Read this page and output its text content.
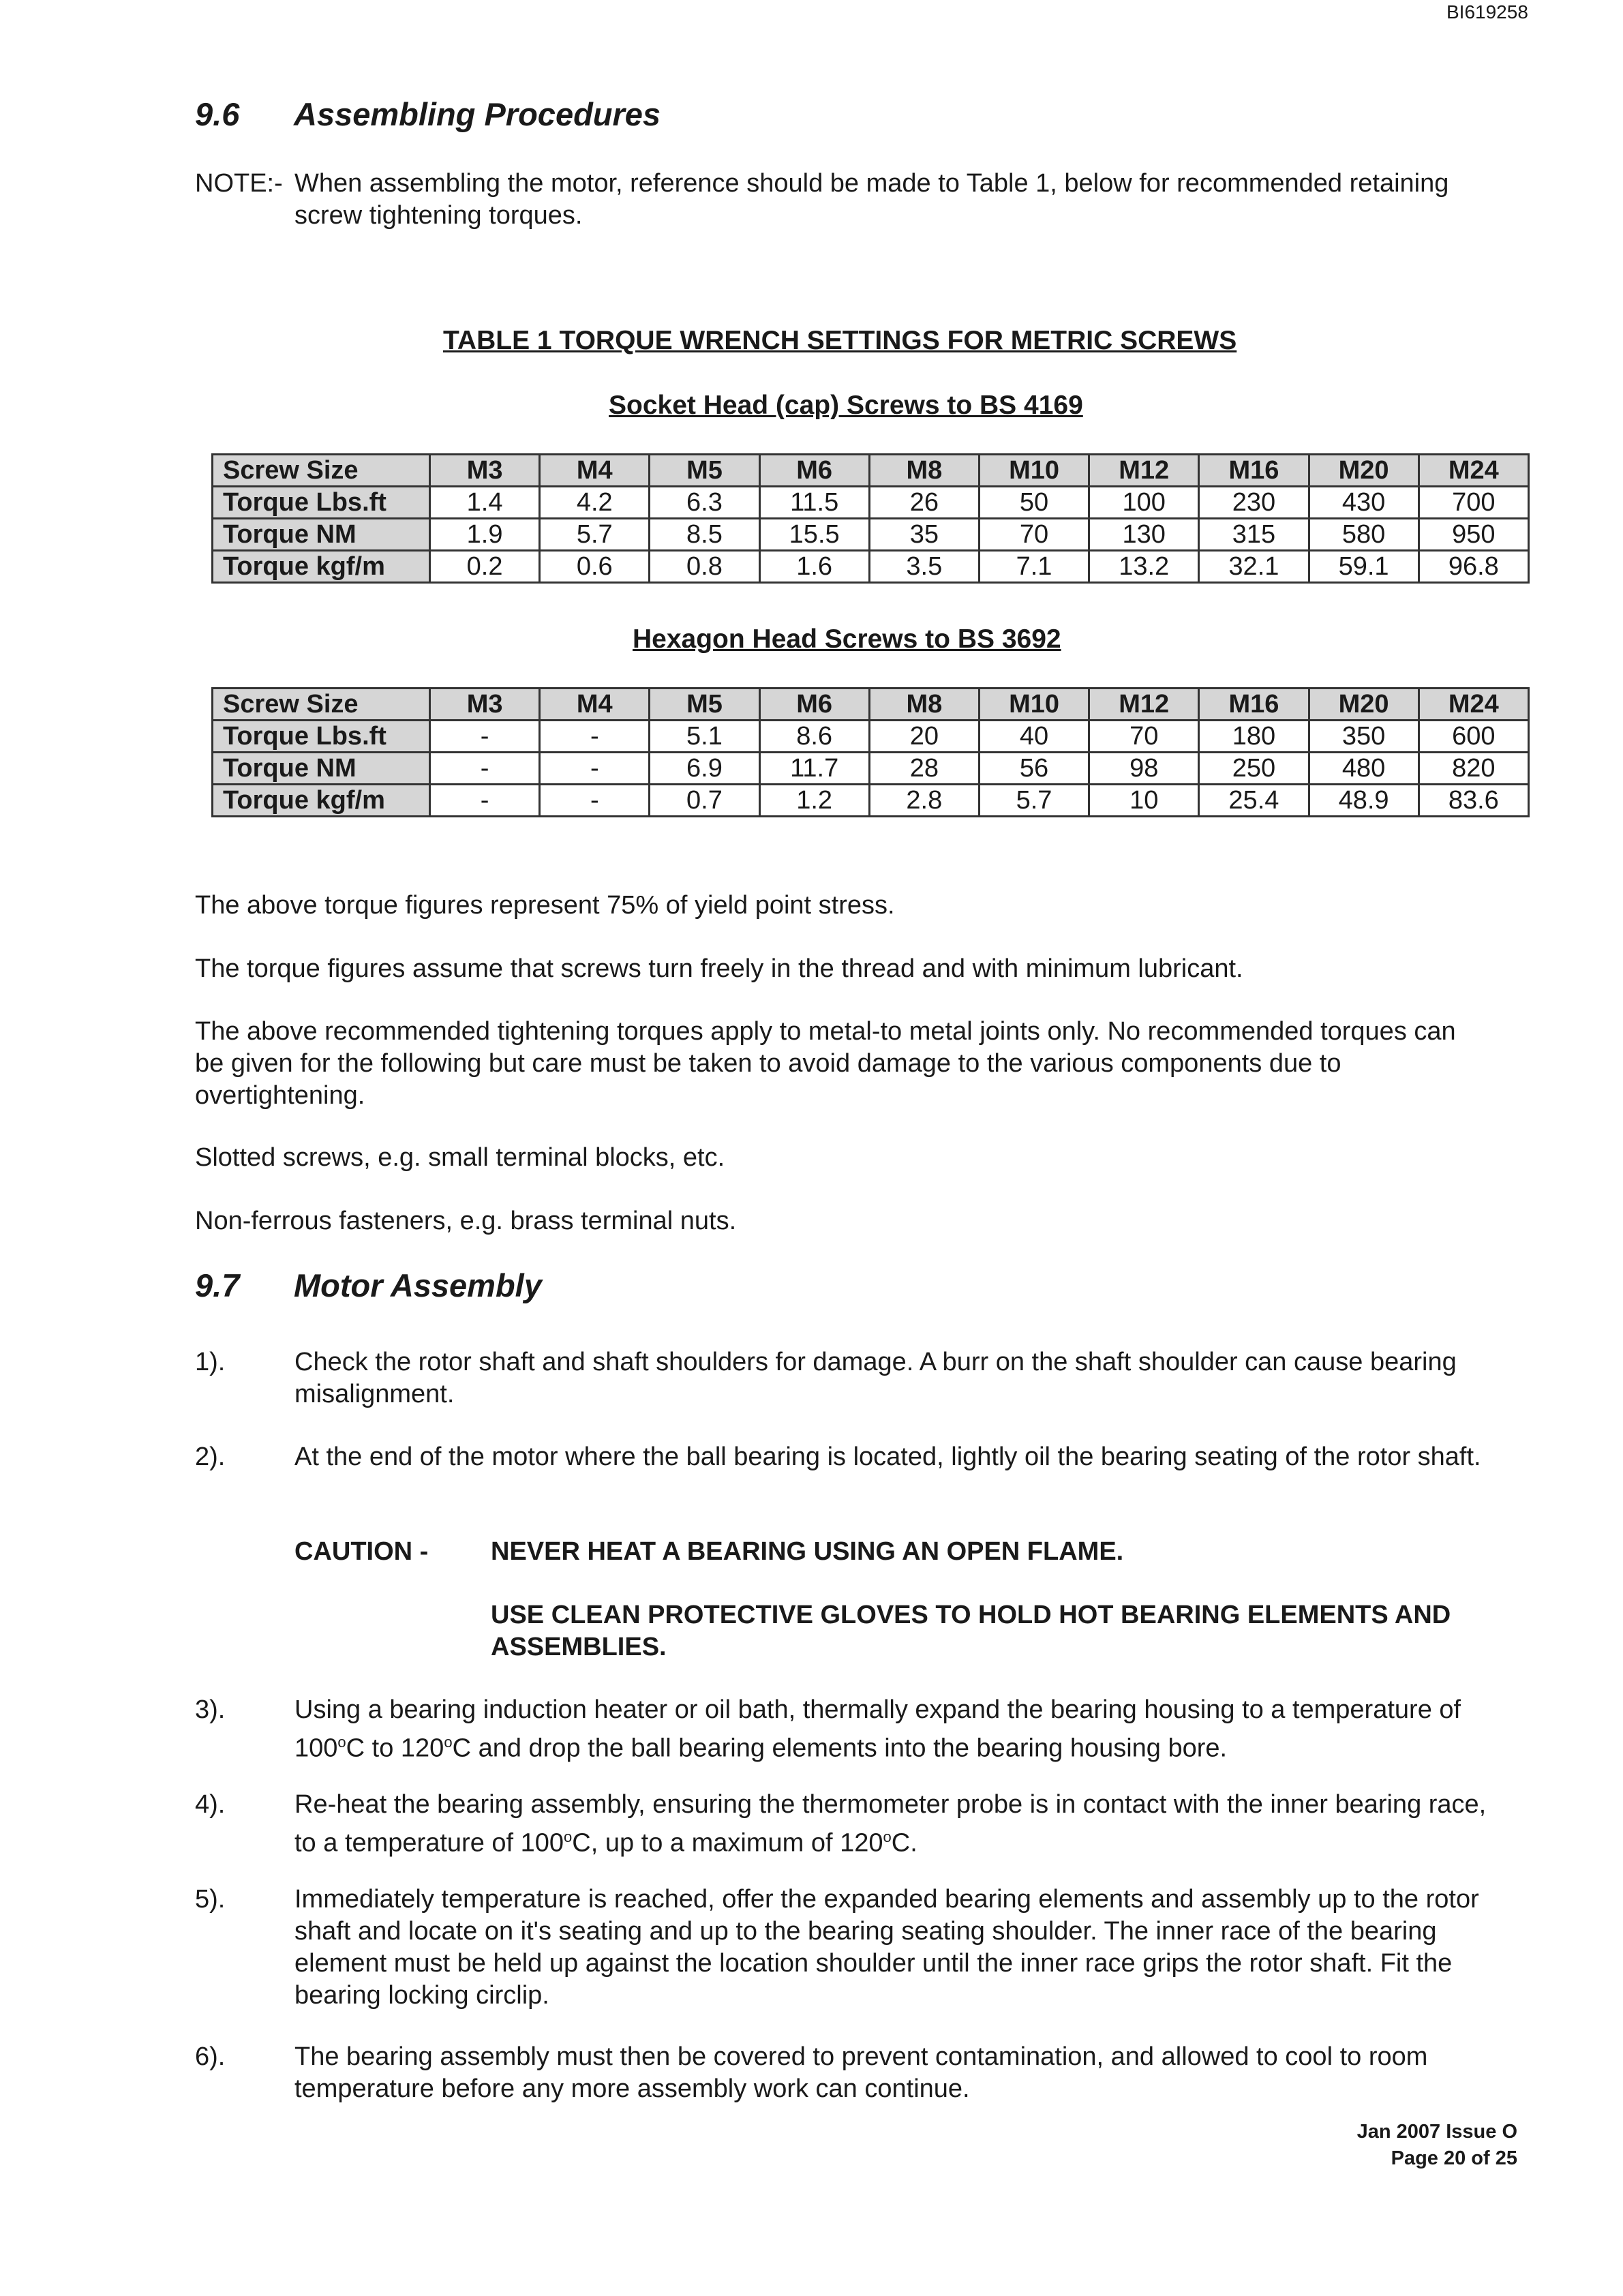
BI619258
9.6 Assembling Procedures
NOTE:- When assembling the motor, reference should be made to Table 1, below for recommended retaining screw tightening torques.
TABLE 1 TORQUE WRENCH SETTINGS FOR METRIC SCREWS
Socket Head (cap) Screws to BS 4169
Screw Size	M3	M4	M5	M6	M8	M10	M12	M16	M20	M24
Torque Lbs.ft	1.4	4.2	6.3	11.5	26	50	100	230	430	700
Torque NM	1.9	5.7	8.5	15.5	35	70	130	315	580	950
Torque kgf/m	0.2	0.6	0.8	1.6	3.5	7.1	13.2	32.1	59.1	96.8
Hexagon Head Screws to BS 3692
Screw Size	M3	M4	M5	M6	M8	M10	M12	M16	M20	M24
Torque Lbs.ft	-	-	5.1	8.6	20	40	70	180	350	600
Torque NM	-	-	6.9	11.7	28	56	98	250	480	820
Torque kgf/m	-	-	0.7	1.2	2.8	5.7	10	25.4	48.9	83.6

The above torque figures represent 75% of yield point stress.

The torque figures assume that screws turn freely in the thread and with minimum lubricant.

The above recommended tightening torques apply to metal-to metal joints only. No recommended torques can be given for the following but care must be taken to avoid damage to the various components due to overtightening.

Slotted screws, e.g. small terminal blocks, etc.

Non-ferrous fasteners, e.g. brass terminal nuts.

9.7 Motor Assembly
1).	Check the rotor shaft and shaft shoulders for damage. A burr on the shaft shoulder can cause bearing misalignment.
2).	At the end of the motor where the ball bearing is located, lightly oil the bearing seating of the rotor shaft.
CAUTION - NEVER HEAT A BEARING USING AN OPEN FLAME.
USE CLEAN PROTECTIVE GLOVES TO HOLD HOT BEARING ELEMENTS AND ASSEMBLIES.
3).	Using a bearing induction heater or oil bath, thermally expand the bearing housing to a temperature of 100$^o$C to 120$^o$C and drop the ball bearing elements into the bearing housing bore.
4).	Re-heat the bearing assembly, ensuring the thermometer probe is in contact with the inner bearing race, to a temperature of 100$^o$C, up to a maximum of 120$^o$C.
5).	Immediately temperature is reached, offer the expanded bearing elements and assembly up to the rotor shaft and locate on it's seating and up to the bearing seating shoulder. The inner race of the bearing element must be held up against the location shoulder until the inner race grips the rotor shaft. Fit the bearing locking circlip.
6).	The bearing assembly must then be covered to prevent contamination, and allowed to cool to room temperature before any more assembly work can continue.
Jan 2007 Issue O
Page 20 of 25
